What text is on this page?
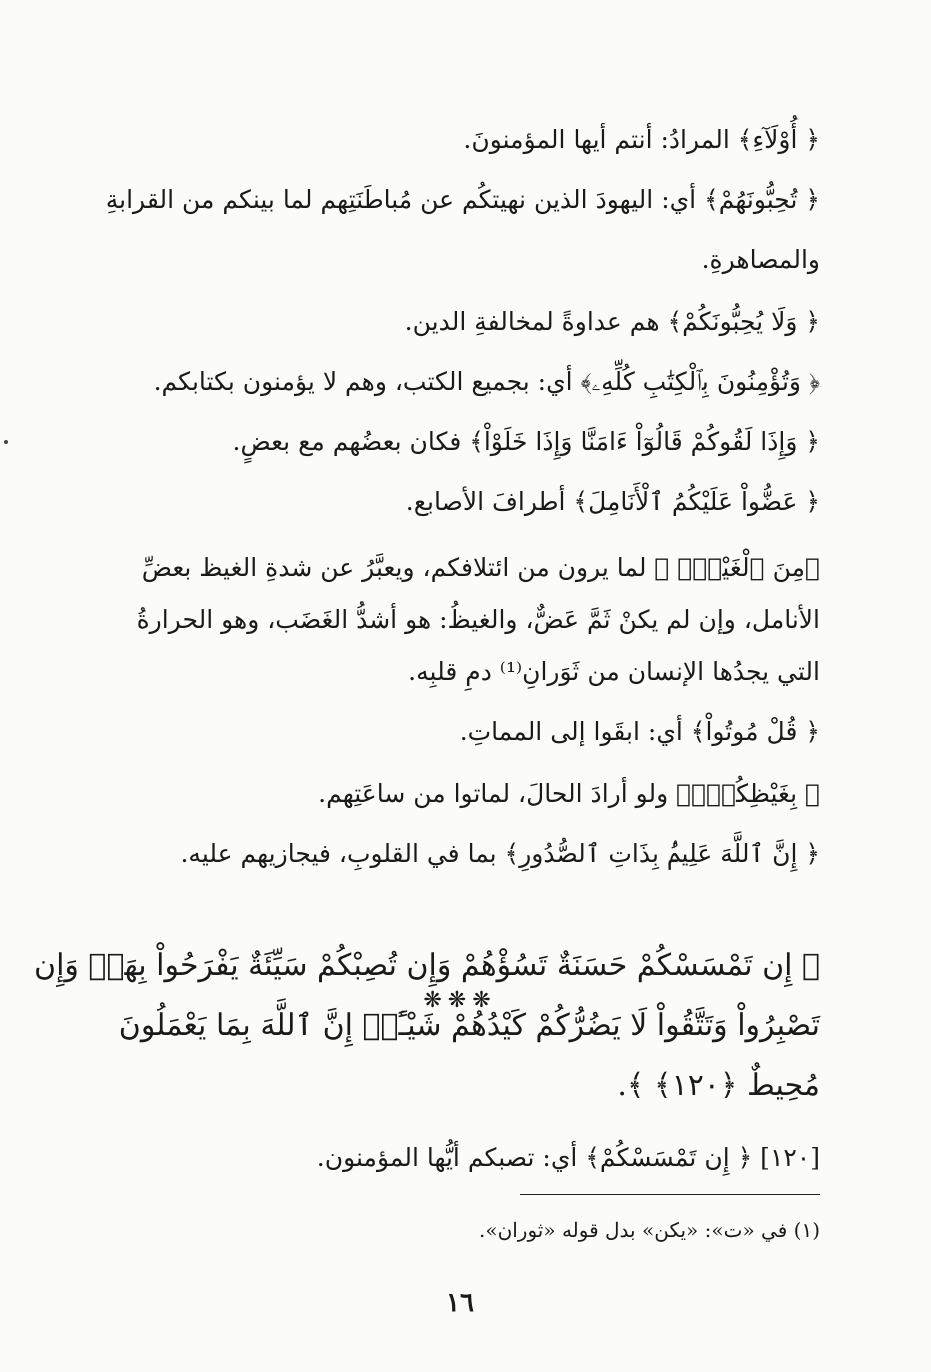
﴿ أُوْلَآءِ﴾ المرادُ: أنتم أيها المؤمنونَ.
﴿ تُحِبُّونَهُمْ﴾ أي: اليهودَ الذين نهيتكُم عن مُباطَنَتِهم لما بينكم من القرابةِ
والمصاهرةِ.
﴿ وَلَا يُحِبُّونَكُمْ﴾ هم عداوةً لمخالفةِ الدين.
﴿ وَتُؤْمِنُونَ بِٱلْكِتَٰبِ كُلِّهِۦ﴾ أي: بجميع الكتب، وهم لا يؤمنون بكتابكم.
﴿ وَإِذَا لَقُوكُمْ قَالُوٓاْ ءَامَنَّا وَإِذَا خَلَوْاْ﴾ فكان بعضُهم مع بعضٍ.
﴿ عَضُّواْ عَلَيْكُمُ ٱلْأَنَامِلَ﴾ أطرافَ الأصابع.
﴿مِنَ ٱلْغَيْظِۚ ﴾ لما يرون من ائتلافكم، ويعبَّرُ عن شدةِ الغيظ بعضِّ
الأنامل، وإن لم يكنْ ثَمَّ عَضٌّ، والغيظُ: هو أشدُّ الغَضَب، وهو الحرارةُ
التي يجدُها الإنسان من ثَوَرانِ⁽¹⁾ دمِ قلبِه.
﴿ قُلْ مُوتُواْ﴾ أي: ابقَوا إلى المماتِ.
﴿ بِغَيْظِكُمْۗ﴾ ولو أرادَ الحالَ، لماتوا من ساعَتِهم.
﴿ إِنَّ ٱللَّهَ عَلِيمُۢ بِذَاتِ ٱلصُّدُورِ﴾ بما في القلوبِ، فيجازيهم عليه.
❋❋❋
﴿ إِن تَمْسَسْكُمْ حَسَنَةٌ تَسُؤْهُمْ وَإِن تُصِبْكُمْ سَيِّئَةٌ يَفْرَحُواْ بِهَاۖ وَإِن
تَصْبِرُواْ وَتَتَّقُواْ لَا يَضُرُّكُمْ كَيْدُهُمْ شَيْـًٔاۗ إِنَّ ٱللَّهَ بِمَا يَعْمَلُونَ
مُحِيطٌ ﴿١٢٠﴾ ﴾.
[١٢٠] ﴿ إِن تَمْسَسْكُمْ﴾ أي: تصبكم أيُّها المؤمنون.
(١) في «ت»: «يكن» بدل قوله «ثوران».
١٦
